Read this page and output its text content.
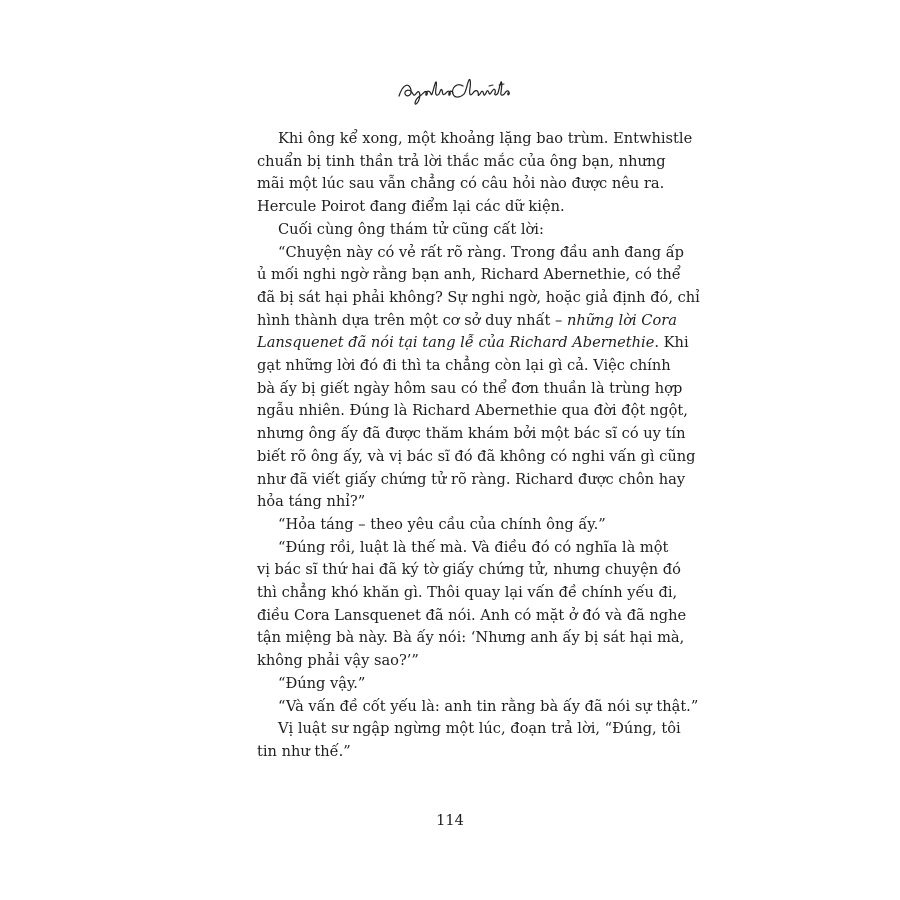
Khi ông kể xong, một khoảng lặng bao trùm. Entwhistle
chuẩn bị tinh thần trả lời thắc mắc của ông bạn, nhưng
mãi một lúc sau vẫn chẳng có câu hỏi nào được nêu ra.
Hercule Poirot đang điểm lại các dữ kiện.

Cuối cùng ông thám tử cũng cất lời:

“Chuyện này có vẻ rất rõ ràng. Trong đầu anh đang ấp
ủ mối nghi ngờ rằng bạn anh, Richard Abernethie, có thể
đã bị sát hại phải không? Sự nghi ngờ, hoặc giả định đó, chỉ
hình thành dựa trên một cơ sở duy nhất – những lời Cora
Lansquenet đã nói tại tang lễ của Richard Abernethie. Khi
gạt những lời đó đi thì ta chẳng còn lại gì cả. Việc chính
bà ấy bị giết ngày hôm sau có thể đơn thuần là trùng hợp
ngẫu nhiên. Đúng là Richard Abernethie qua đời đột ngột,
nhưng ông ấy đã được thăm khám bởi một bác sĩ có uy tín
biết rõ ông ấy, và vị bác sĩ đó đã không có nghi vấn gì cũng
như đã viết giấy chứng tử rõ ràng. Richard được chôn hay
hỏa táng nhỉ?”

“Hỏa táng – theo yêu cầu của chính ông ấy.”

“Đúng rồi, luật là thế mà. Và điều đó có nghĩa là một
vị bác sĩ thứ hai đã ký tờ giấy chứng tử, nhưng chuyện đó
thì chẳng khó khăn gì. Thôi quay lại vấn đề chính yếu đi,
điều Cora Lansquenet đã nói. Anh có mặt ở đó và đã nghe
tận miệng bà này. Bà ấy nói: ‘Nhưng anh ấy bị sát hại mà,
không phải vậy sao?’”

“Đúng vậy.”

“Và vấn đề cốt yếu là: anh tin rằng bà ấy đã nói sự thật.”

Vị luật sư ngập ngừng một lúc, đoạn trả lời, “Đúng, tôi
tin như thế.”

114
